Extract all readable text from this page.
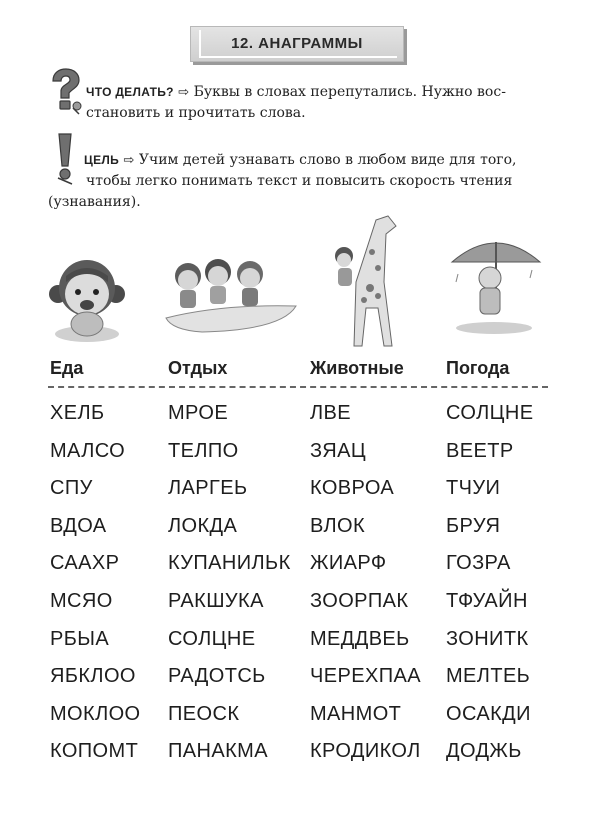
12. АНАГРАММЫ
ЧТО ДЕЛАТЬ? ⇨ Буквы в словах перепутались. Нужно вос-
становить и прочитать слова.
ЦЕЛЬ ⇨ Учим детей узнавать слово в любом виде для того,
чтобы легко понимать текст и повысить скорость чтения
(узнавания).
Еда	Отдых	Животные Погода
ХЕЛБ
МАЛСО
СПУ
ВДОА
СААХР
МСЯО
РБЫА
ЯБКЛОО
МОКЛОО
КОПОМТ
МРОЕ
ТЕЛПО
ЛАРГЕЬ
ЛОКДА
КУПАНИЛЬК
РАКШУКА
СОЛЦНЕ
РАДОТСЬ
ПЕОСК
ПАНАКМА
ЛВЕ
ЗЯАЦ
КОВРОА
ВЛОК
ЖИАРФ
ЗООРПАК
МЕДДВЕЬ
ЧЕРЕХПАА
МАНМОТ
КРОДИКОЛ
СОЛЦНЕ
ВЕЕТР
ТЧУИ
БРУЯ
ГОЗРА
ТФУАЙН
ЗОНИТК
МЕЛТЕЬ
ОСАКДИ
ДОДЖЬ
